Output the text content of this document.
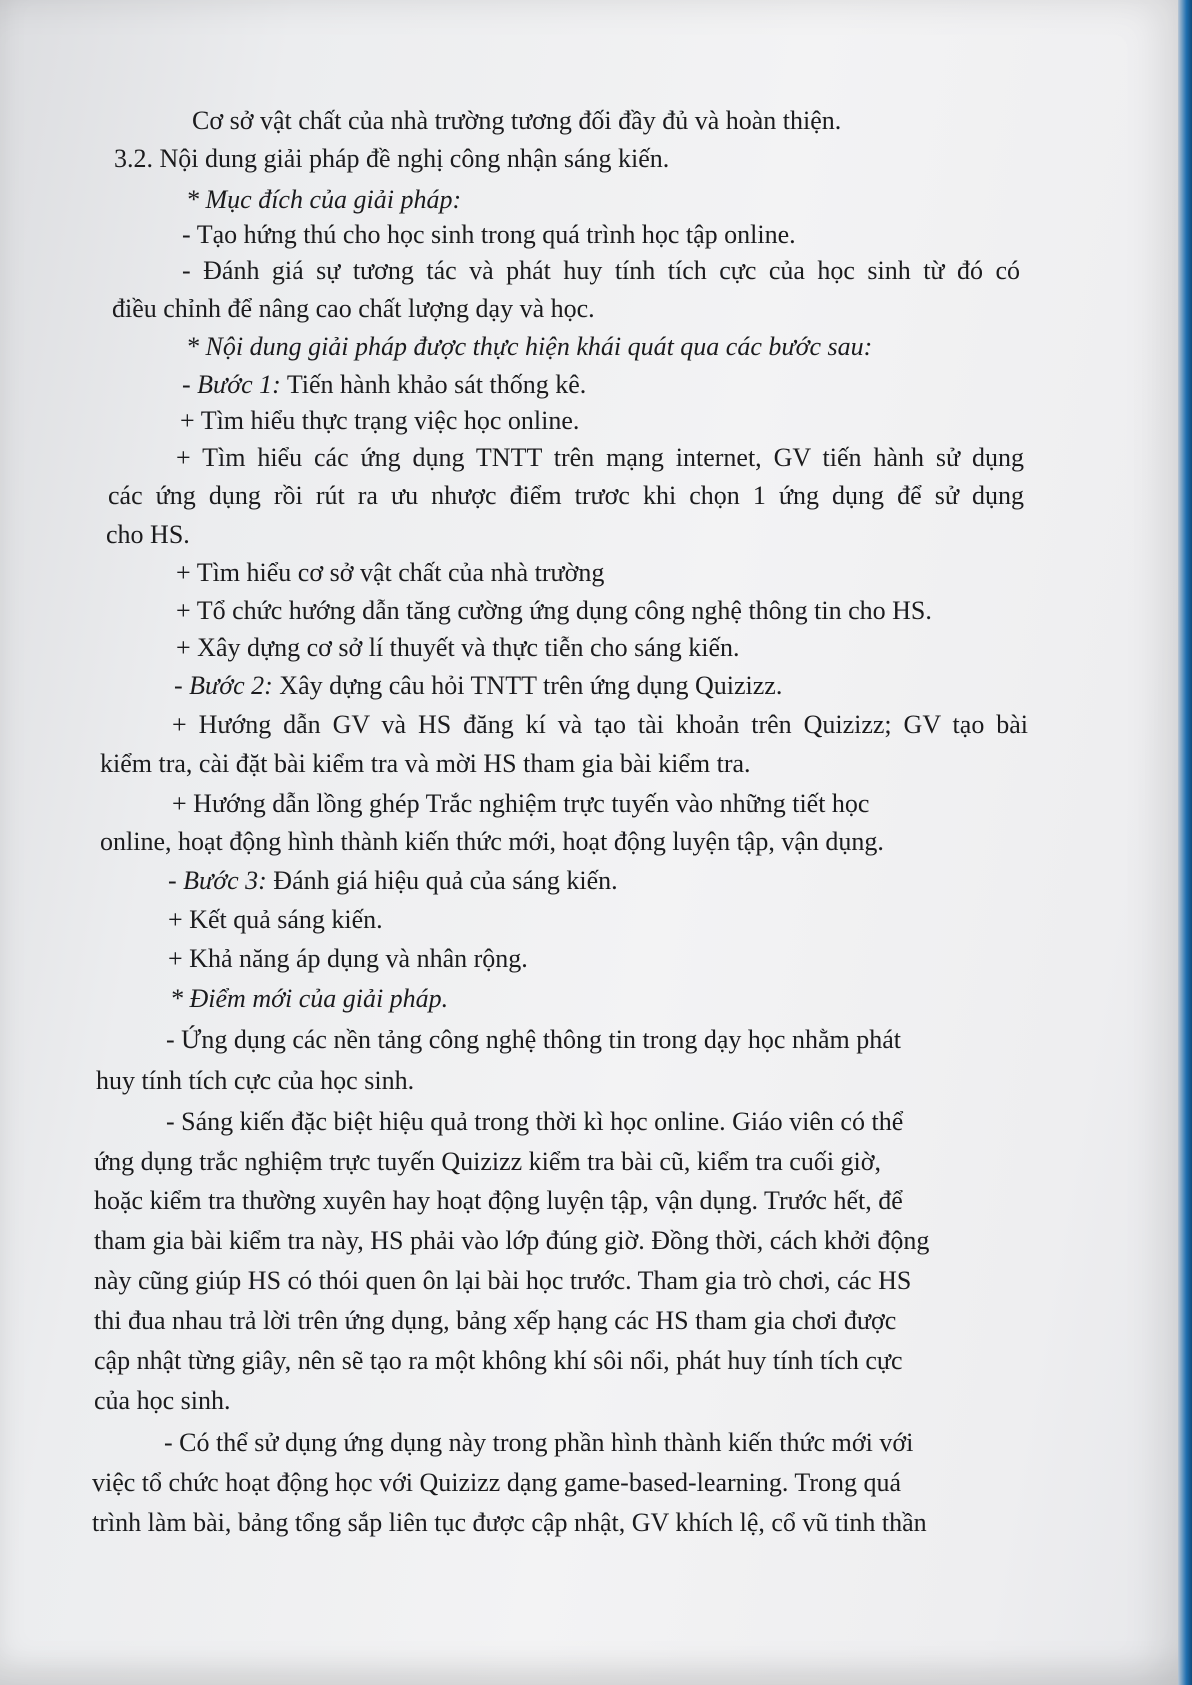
Cơ sở vật chất của nhà trường tương đối đầy đủ và hoàn thiện.
3.2. Nội dung giải pháp đề nghị công nhận sáng kiến.
* Mục đích của giải pháp:
- Tạo hứng thú cho học sinh trong quá trình học tập online.
- Đánh giá sự tương tác và phát huy tính tích cực của học sinh từ đó có
điều chỉnh để nâng cao chất lượng dạy và học.
* Nội dung giải pháp được thực hiện khái quát qua các bước sau:
- Bước 1: Tiến hành khảo sát thống kê.
+ Tìm hiểu thực trạng việc học online.
+ Tìm hiểu các ứng dụng TNTT trên mạng internet, GV tiến hành sử dụng
các ứng dụng rồi rút ra ưu nhược điểm trươc khi chọn 1 ứng dụng để sử dụng
cho HS.
+ Tìm hiểu cơ sở vật chất của nhà trường
+ Tổ chức hướng dẫn tăng cường ứng dụng công nghệ thông tin cho HS.
+ Xây dựng cơ sở lí thuyết và thực tiễn cho sáng kiến.
- Bước 2: Xây dựng câu hỏi TNTT trên ứng dụng Quizizz.
+ Hướng dẫn GV và HS đăng kí và tạo tài khoản trên Quizizz; GV tạo bài
kiểm tra, cài đặt bài kiểm tra và mời HS tham gia bài kiểm tra.
+ Hướng dẫn lồng ghép Trắc nghiệm trực tuyến vào những tiết học
online, hoạt động hình thành kiến thức mới, hoạt động luyện tập, vận dụng.
- Bước 3: Đánh giá hiệu quả của sáng kiến.
+ Kết quả sáng kiến.
+ Khả năng áp dụng và nhân rộng.
* Điểm mới của giải pháp.
- Ứng dụng các nền tảng công nghệ thông tin trong dạy học nhằm phát
huy tính tích cực của học sinh.
- Sáng kiến đặc biệt hiệu quả trong thời kì học online. Giáo viên có thể
ứng dụng trắc nghiệm trực tuyến Quizizz kiểm tra bài cũ, kiểm tra cuối giờ,
hoặc kiểm tra thường xuyên hay hoạt động luyện tập, vận dụng. Trước hết, để
tham gia bài kiểm tra này, HS phải vào lớp đúng giờ. Đồng thời, cách khởi động
này cũng giúp HS có thói quen ôn lại bài học trước. Tham gia trò chơi, các HS
thi đua nhau trả lời trên ứng dụng, bảng xếp hạng các HS tham gia chơi được
cập nhật từng giây, nên sẽ tạo ra một không khí sôi nổi, phát huy tính tích cực
của học sinh.
- Có thể sử dụng ứng dụng này trong phần hình thành kiến thức mới với
việc tổ chức hoạt động học với Quizizz dạng game-based-learning. Trong quá
trình làm bài, bảng tổng sắp liên tục được cập nhật, GV khích lệ, cổ vũ tinh thần
